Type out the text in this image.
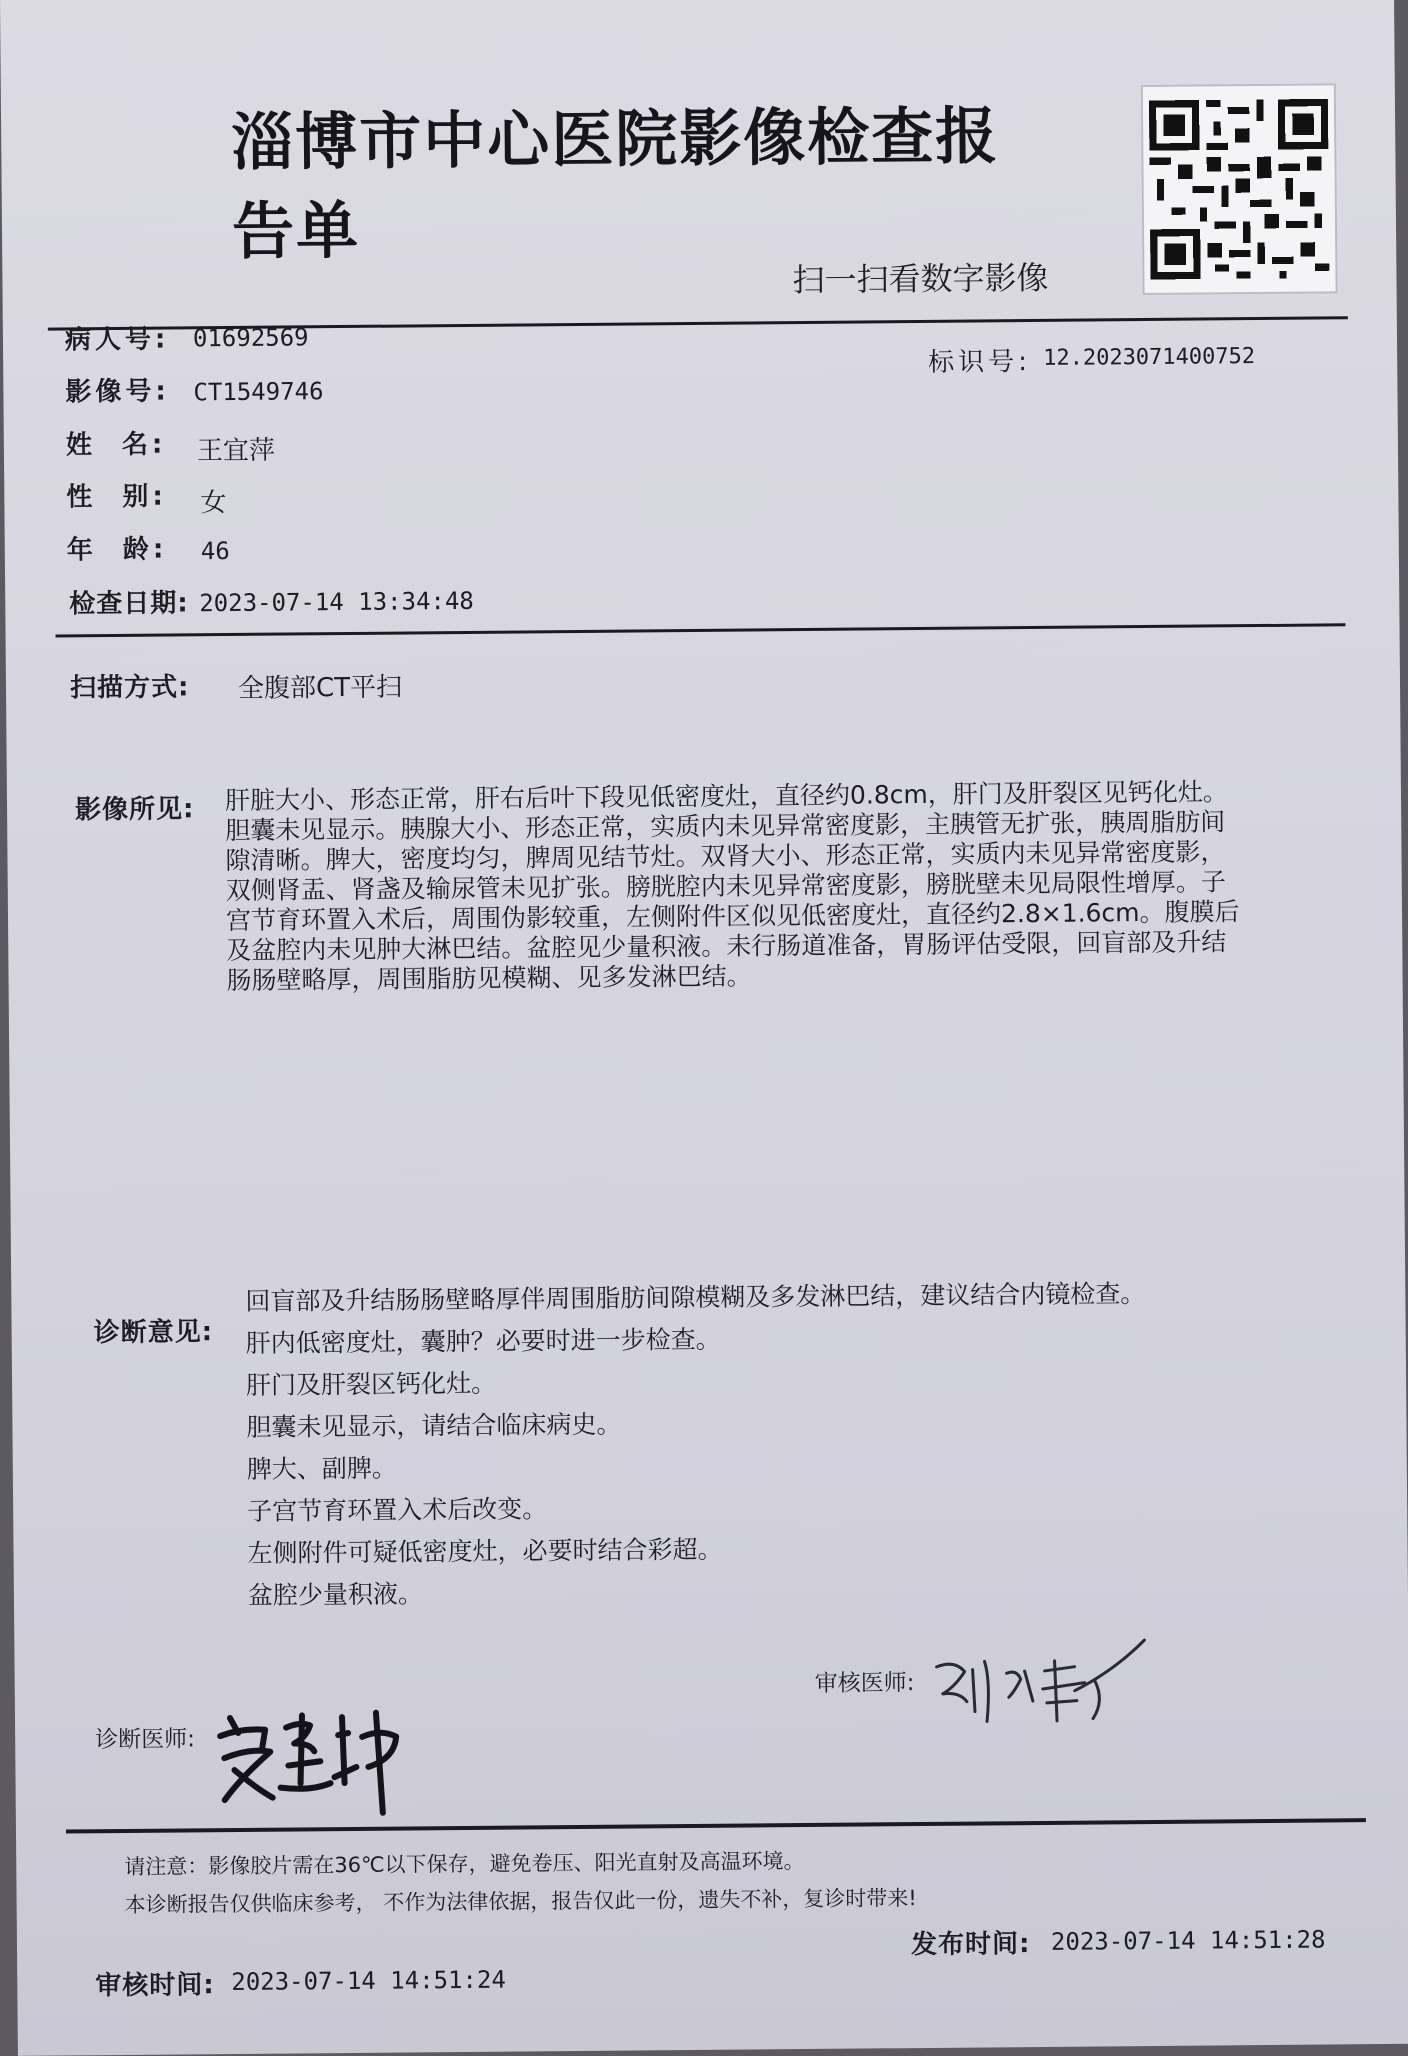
淄博市中心医院影像检查报告单
扫一扫看数字影像
病人号: 01692569
标识号: 12.2023071400752
影像号: CT1549746
姓  名: 王宜萍
性  别: 女
年  龄: 46
检查日期: 2023-07-14 13:34:48
扫描方式: 全腹部CT平扫
影像所见: 肝脏大小、形态正常，肝右后叶下段见低密度灶，直径约0.8cm，肝门及肝裂区见钙化灶。
胆囊未见显示。胰腺大小、形态正常，实质内未见异常密度影，主胰管无扩张，胰周脂肪间
隙清晰。脾大，密度均匀，脾周见结节灶。双肾大小、形态正常，实质内未见异常密度影，
双侧肾盂、肾盏及输尿管未见扩张。膀胱腔内未见异常密度影，膀胱壁未见局限性增厚。子
宫节育环置入术后，周围伪影较重，左侧附件区似见低密度灶，直径约2.8×1.6cm。腹膜后
及盆腔内未见肿大淋巴结。盆腔见少量积液。未行肠道准备，胃肠评估受限，回盲部及升结
肠肠壁略厚，周围脂肪见模糊、见多发淋巴结。
诊断意见:
回盲部及升结肠肠壁略厚伴周围脂肪间隙模糊及多发淋巴结，建议结合内镜检查。
肝内低密度灶，囊肿？必要时进一步检查。
肝门及肝裂区钙化灶。
胆囊未见显示，请结合临床病史。
脾大、副脾。
子宫节育环置入术后改变。
左侧附件可疑低密度灶，必要时结合彩超。
盆腔少量积液。
审核医师:
诊断医师:
请注意：影像胶片需在36℃以下保存，避免卷压、阳光直射及高温环境。
本诊断报告仅供临床参考， 不作为法律依据，报告仅此一份，遗失不补，复诊时带来!
发布时间: 2023-07-14 14:51:28
审核时间: 2023-07-14 14:51:24
